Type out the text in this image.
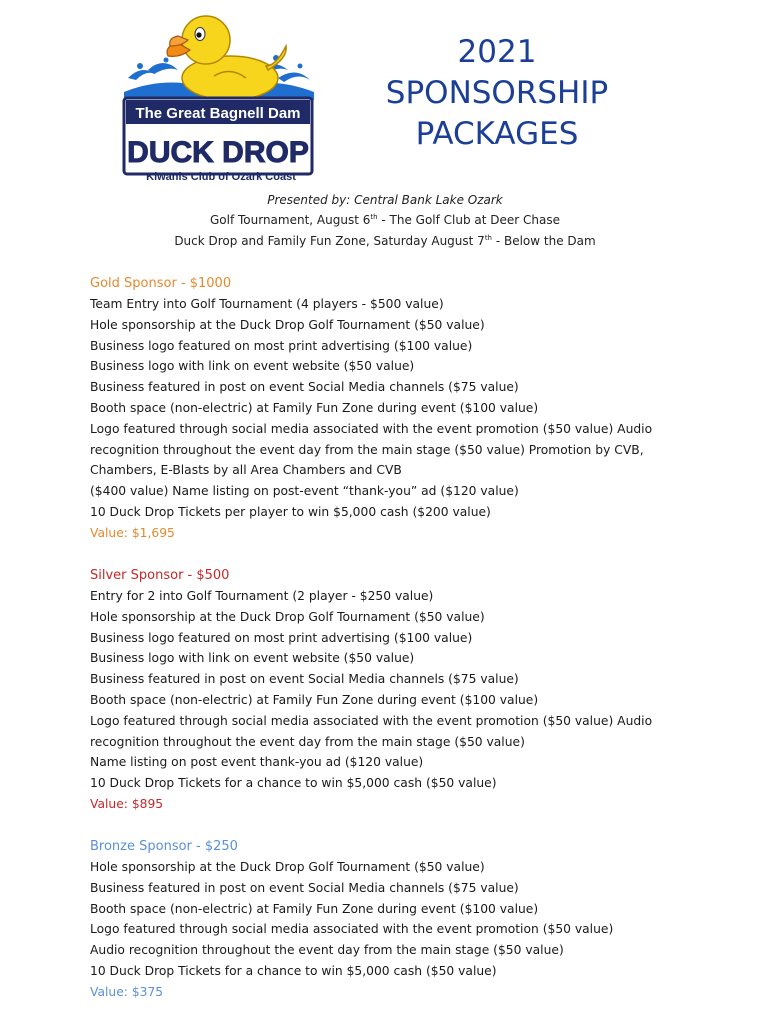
The Great Bagnell Dam
DUCK DROP
Kiwanis Club of Ozark Coast
2021
SPONSORSHIP
PACKAGES
Presented by: Central Bank Lake Ozark
Golf Tournament, August 6th - The Golf Club at Deer Chase
Duck Drop and Family Fun Zone, Saturday August 7th - Below the Dam
Gold Sponsor - $1000
Team Entry into Golf Tournament (4 players - $500 value)
Hole sponsorship at the Duck Drop Golf Tournament ($50 value)
Business logo featured on most print advertising ($100 value)
Business logo with link on event website ($50 value)
Business featured in post on event Social Media channels ($75 value)
Booth space (non-electric) at Family Fun Zone during event ($100 value)
Logo featured through social media associated with the event promotion ($50 value) Audio
recognition throughout the event day from the main stage ($50 value) Promotion by CVB,
Chambers, E-Blasts by all Area Chambers and CVB
($400 value) Name listing on post-event “thank-you” ad ($120 value)
10 Duck Drop Tickets per player to win $5,000 cash ($200 value)
Value: $1,695
Silver Sponsor - $500
Entry for 2 into Golf Tournament (2 player - $250 value)
Hole sponsorship at the Duck Drop Golf Tournament ($50 value)
Business logo featured on most print advertising ($100 value)
Business logo with link on event website ($50 value)
Business featured in post on event Social Media channels ($75 value)
Booth space (non-electric) at Family Fun Zone during event ($100 value)
Logo featured through social media associated with the event promotion ($50 value) Audio
recognition throughout the event day from the main stage ($50 value)
Name listing on post event thank-you ad ($120 value)
10 Duck Drop Tickets for a chance to win $5,000 cash ($50 value)
Value: $895
Bronze Sponsor - $250
Hole sponsorship at the Duck Drop Golf Tournament ($50 value)
Business featured in post on event Social Media channels ($75 value)
Booth space (non-electric) at Family Fun Zone during event ($100 value)
Logo featured through social media associated with the event promotion ($50 value)
Audio recognition throughout the event day from the main stage ($50 value)
10 Duck Drop Tickets for a chance to win $5,000 cash ($50 value)
Value: $375
